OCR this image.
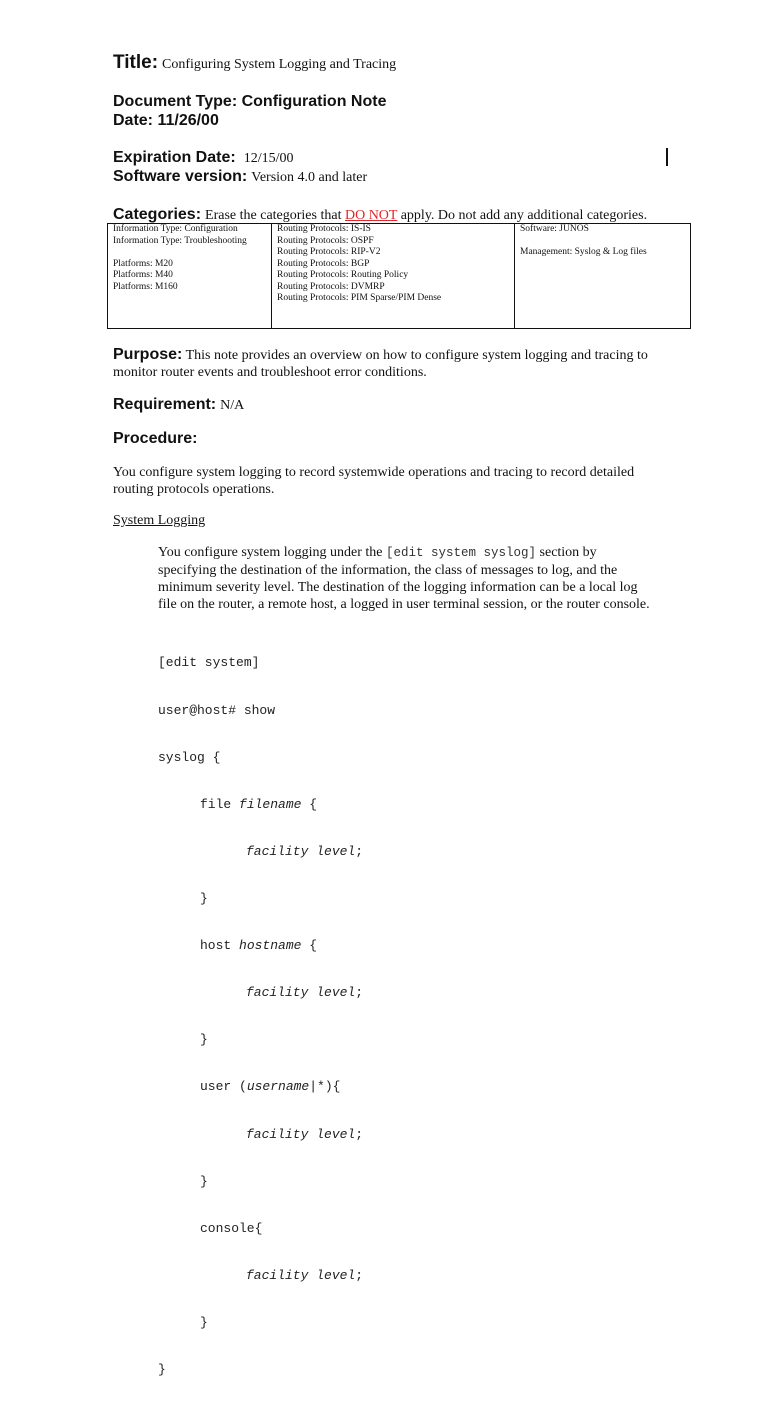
Title: Configuring System Logging and Tracing
Document Type: Configuration Note
Date: 11/26/00
Expiration Date: 12/15/00
Software version: Version 4.0 and later
Categories: Erase the categories that DO NOT apply. Do not add any additional categories.
Information Type: Configuration
Information Type: Troubleshooting
Platforms: M20
Platforms: M40
Platforms: M160

Routing Protocols: IS-IS
Routing Protocols: OSPF
Routing Protocols: RIP-V2
Routing Protocols: BGP
Routing Protocols: Routing Policy
Routing Protocols: DVMRP
Routing Protocols: PIM Sparse/PIM Dense

Software: JUNOS
Management: Syslog & Log files
Purpose: This note provides an overview on how to configure system logging and tracing to
monitor router events and troubleshoot error conditions.
Requirement: N/A
Procedure:
You configure system logging to record systemwide operations and tracing to record detailed
routing protocols operations.
System Logging
You configure system logging under the [edit system syslog] section by
specifying the destination of the information, the class of messages to log, and the
minimum severity level. The destination of the logging information can be a local log
file on the router, a remote host, a logged in user terminal session, or the router console.

[edit system]

user@host# show

syslog {

file filename {

facility level;

}

host hostname {

facility level;

}

user (username|*){

facility level;

}

console{

facility level;

}

}
